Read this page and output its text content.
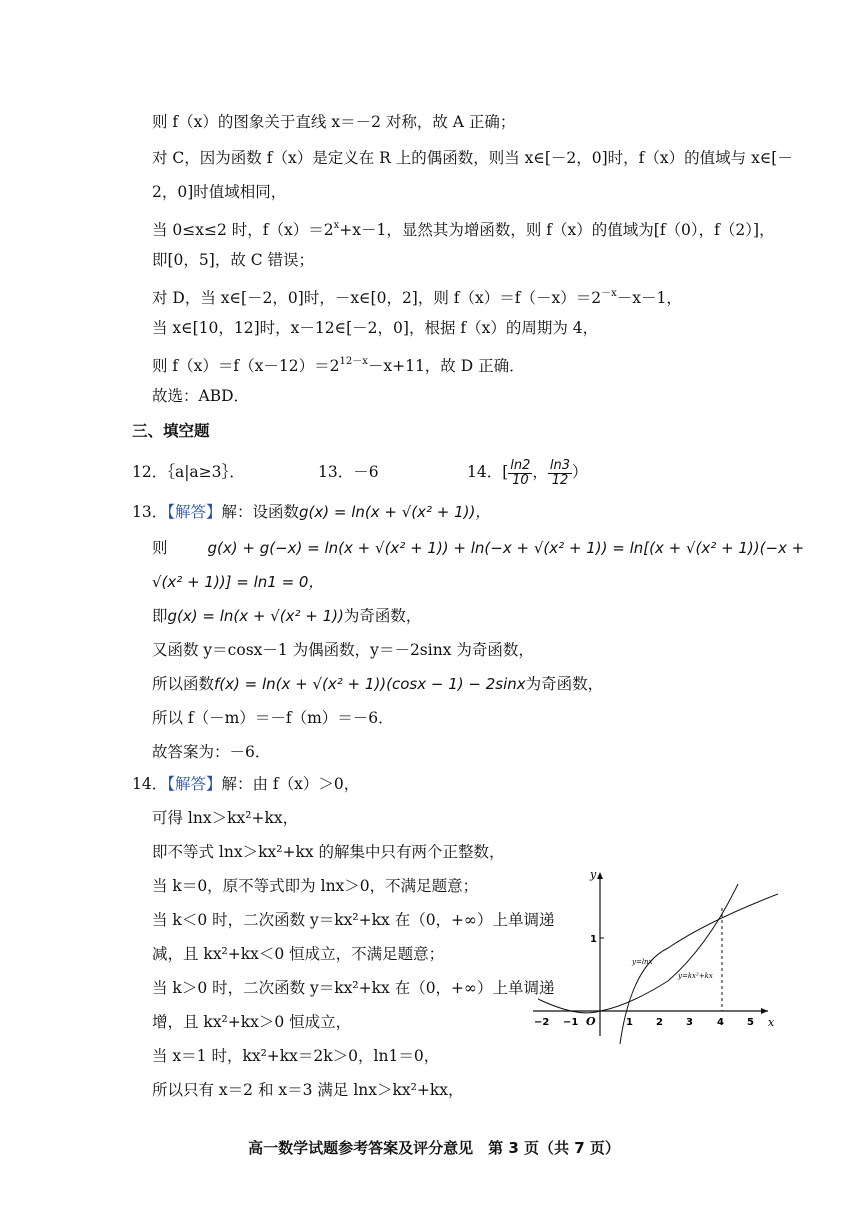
则 f（x）的图象关于直线 x＝－2 对称，故 A 正确；
对 C，因为函数 f（x）是定义在 R 上的偶函数，则当 x∈[－2，0]时，f（x）的值域与 x∈[－
2，0]时值域相同，
当 0≤x≤2 时，$f(x)=2^x+x-1$，显然其为增函数，则 f（x）的值域为[f（0），f（2）]，
即[0，5]，故 C 错误；
对 D，当 x∈[－2，0]时，－x∈[0，2]，则 $f(x)=f(-x)=2^{-x}-x-1$，
当 x∈[10，12]时，x－12∈[－2，0]，根据 f（x）的周期为 4，
则 $f(x)=f(x-12)=2^{12-x}-x+11$，故 D 正确．
故选：ABD．
三、填空题
12．｛a|a≥3｝．	13．－6	14．[ $\frac{\ln 2}{10}$ ， $\frac{\ln 3}{12}$ ）
13．【解答】解：设函数g(x) = ln(x + √(x² + 1))，
则	g(x) + g(−x) = ln(x + √(x² + 1)) + ln(−x + √(x² + 1)) = ln[(x + √(x² + 1))(−x +
√(x² + 1))] = ln1 = 0，
即g(x) = ln(x + √(x² + 1))为奇函数，
又函数 y＝cosx－1 为偶函数，y＝－2sinx 为奇函数，
所以函数f(x) = ln(x + √(x² + 1))(cosx − 1) − 2sinx为奇函数，
所以 f（－m）＝－f（m）＝－6．
故答案为：－6．
14．【解答】解：由 f（x）＞0，
可得 lnx＞kx²+kx，
即不等式 lnx＞kx²+kx 的解集中只有两个正整数，
当 k＝0，原不等式即为 lnx＞0，不满足题意；
当 k＜0 时，二次函数 y＝kx²+kx 在（0，+∞）上单调递
减，且 kx²+kx＜0 恒成立，不满足题意；
当 k＞0 时，二次函数 y＝kx²+kx 在（0，+∞）上单调递
增，且 kx²+kx＞0 恒成立，
当 x＝1 时，kx²+kx＝2k＞0，ln1＝0，
所以只有 x＝2 和 x＝3 满足 lnx＞kx²+kx，
y
x
O
1
−2 −1	1 2 3 4 5
y=lnx
y=kx²+kx
高一数学试题参考答案及评分意见　第 3 页（共 7 页）
